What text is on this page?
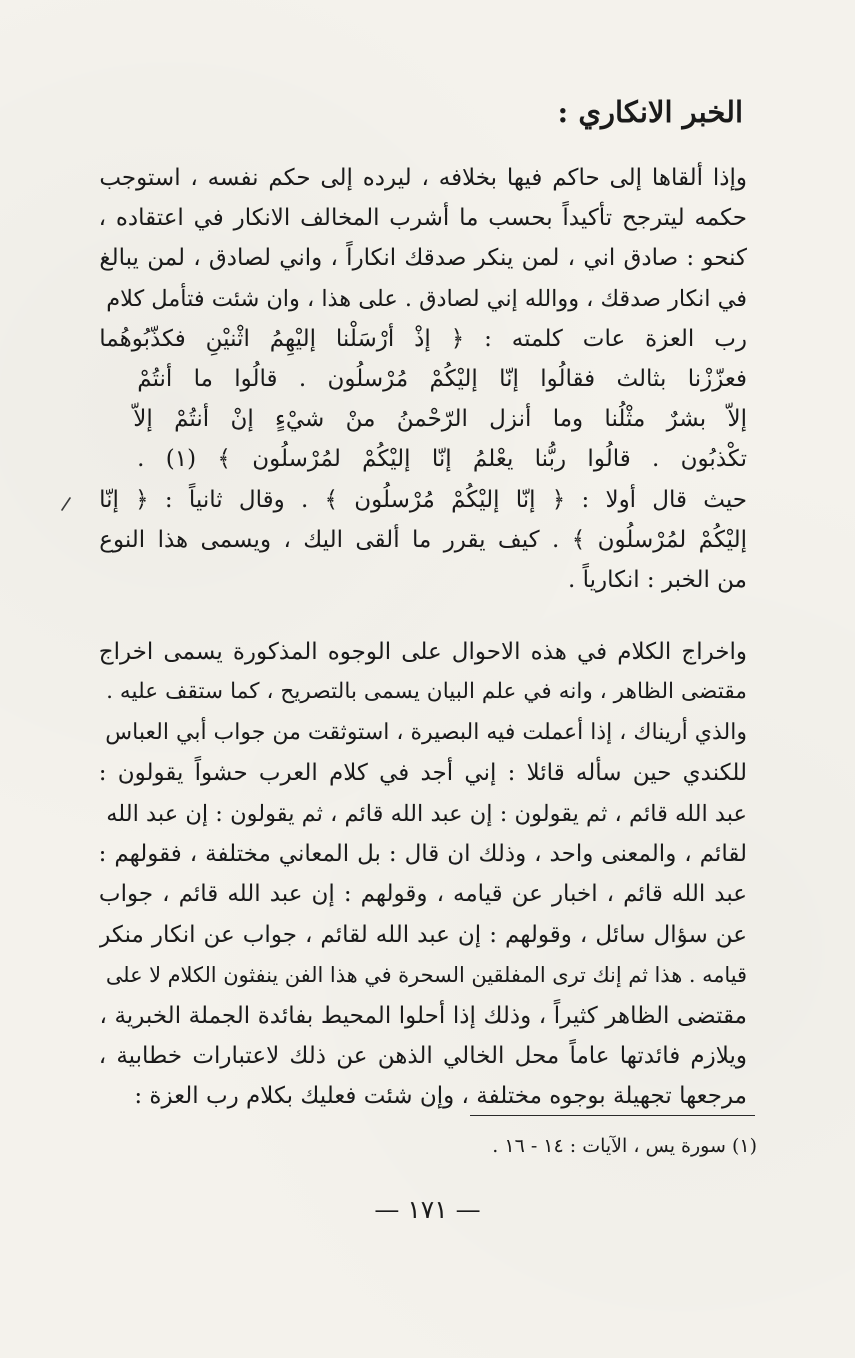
الخبر الانكاري :
وإذا ألقاها إلى حاكم فيها بخلافه ، ليرده إلى حكم نفسه ، استوجب
حكمه ليترجح تأكيداً بحسب ما أشرب المخالف الانكار في اعتقاده ،
كنحو : صادق اني ، لمن ينكر صدقك انكاراً ، واني لصادق ، لمن يبالغ
في انكار صدقك ، ووالله إني لصادق . على هذا ، وان شئت فتأمل كلام
رب العزة عات كلمته : ﴿ إذْ أرْسَلْنا إليْهِمُ اثْنيْنِ فكذّبُوهُما
فعزّزْنا بثالث فقالُوا إنّا إليْكُمْ مُرْسلُون . قالُوا ما أنتُمْ
إلاّ بشرٌ مثْلُنا وما أنزل الرّحْمنُ منْ شيْءٍ إنْ أنتُمْ إلاّ
تكْذبُون . قالُوا ربُّنا يعْلمُ إنّا إليْكُمْ لمُرْسلُون ﴾ (١) .
حيث قال أولا : ﴿ إنّا إليْكُمْ مُرْسلُون ﴾ . وقال ثانياً : ﴿ إنّا
إليْكُمْ لمُرْسلُون ﴾ . كيف يقرر ما ألقى اليك ، ويسمى هذا النوع
من الخبر : انكارياً .
واخراج الكلام في هذه الاحوال على الوجوه المذكورة يسمى اخراج
مقتضى الظاهر ، وانه في علم البيان يسمى بالتصريح ، كما ستقف عليه .
والذي أريناك ، إذا أعملت فيه البصيرة ، استوثقت من جواب أبي العباس
للكندي حين سأله قائلا : إني أجد في كلام العرب حشواً يقولون :
عبد الله قائم ، ثم يقولون : إن عبد الله قائم ، ثم يقولون : إن عبد الله
لقائم ، والمعنى واحد ، وذلك ان قال : بل المعاني مختلفة ، فقولهم :
عبد الله قائم ، اخبار عن قيامه ، وقولهم : إن عبد الله قائم ، جواب
عن سؤال سائل ، وقولهم : إن عبد الله لقائم ، جواب عن انكار منكر
قيامه . هذا ثم إنك ترى المفلقين السحرة في هذا الفن ينفثون الكلام لا على
مقتضى الظاهر كثيراً ، وذلك إذا أحلوا المحيط بفائدة الجملة الخبرية ،
ويلازم فائدتها عاماً محل الخالي الذهن عن ذلك لاعتبارات خطابية ،
مرجعها تجهيلة بوجوه مختلفة ، وإن شئت فعليك بكلام رب العزة :

(١) سورة يس ، الآيات : ١٤ - ١٦ .

— ١٧١ —
